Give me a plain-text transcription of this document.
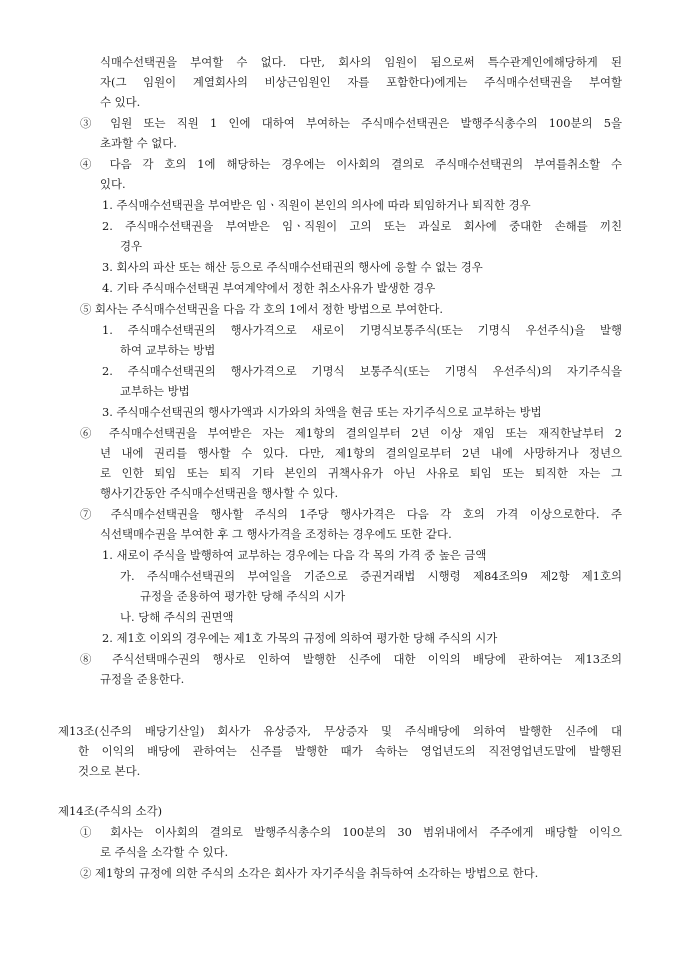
식매수선택권을 부여할 수 없다. 다만, 회사의 임원이 됨으로써 특수관계인에해당하게 된
자(그 임원이 계열회사의 비상근임원인 자를 포함한다)에게는 주식매수선택권을 부여할
수 있다.
③ 임원 또는 직원 1 인에 대하여 부여하는 주식매수선택권은 발행주식총수의 100분의 5을
초과할 수 없다.
④ 다음 각 호의 1에 해당하는 경우에는 이사회의 결의로 주식매수선택권의 부여를취소할 수
있다.
1. 주식매수선택권을 부여받은 임ㆍ직원이 본인의 의사에 따라 퇴임하거나 퇴직한 경우
2. 주식매수선택권을 부여받은 임ㆍ직원이 고의 또는 과실로 회사에 중대한 손해를 끼친
경우
3. 회사의 파산 또는 해산 등으로 주식매수선태권의 행사에 응할 수 없는 경우
4. 기타 주식매수선택권 부여계약에서 정한 취소사유가 발생한 경우
⑤ 회사는 주식매수선택권을 다음 각 호의 1에서 정한 방법으로 부여한다.
1. 주식매수선택권의 행사가격으로 새로이 기명식보통주식(또는 기명식 우선주식)을 발행
하여 교부하는 방법
2. 주식매수선택권의 행사가격으로 기명식 보통주식(또는 기명식 우선주식)의 자기주식을
교부하는 방법
3. 주식매수선택권의 행사가액과 시가와의 차액을 현금 또는 자기주식으로 교부하는 방법
⑥ 주식매수선택권을 부여받은 자는 제1항의 결의일부터 2년 이상 재임 또는 재직한날부터 2
년 내에 권리를 행사할 수 있다. 다만, 제1항의 결의일로부터 2년 내에 사망하거나 정년으
로 인한 퇴임 또는 퇴직 기타 본인의 귀책사유가 아닌 사유로 퇴임 또는 퇴직한 자는 그
행사기간동안 주식매수선택권을 행사할 수 있다.
⑦ 주식매수선택권을 행사할 주식의 1주당 행사가격은 다음 각 호의 가격 이상으로한다. 주
식선택매수권을 부여한 후 그 행사가격을 조정하는 경우에도 또한 같다.
1. 새로이 주식을 발행하여 교부하는 경우에는 다음 각 목의 가격 중 높은 금액
가. 주식매수선택권의 부여일을 기준으로 증권거래법 시행령 제84조의9 제2항 제1호의
규정을 준용하여 평가한 당해 주식의 시가
나. 당해 주식의 권면액
2. 제1호 이외의 경우에는 제1호 가목의 규정에 의하여 평가한 당해 주식의 시가
⑧ 주식선택매수권의 행사로 인하여 발행한 신주에 대한 이익의 배당에 관하여는 제13조의
규정을 준용한다.
제13조(신주의 배당기산일) 회사가 유상증자, 무상증자 및 주식배당에 의하여 발행한 신주에 대
한 이익의 배당에 관하여는 신주를 발행한 때가 속하는 영업년도의 직전영업년도말에 발행된
것으로 본다.
제14조(주식의 소각)
① 회사는 이사회의 결의로 발행주식총수의 100분의 30 범위내에서 주주에게 배당할 이익으
로 주식을 소각할 수 있다.
② 제1항의 규정에 의한 주식의 소각은 회사가 자기주식을 취득하여 소각하는 방법으로 한다.
